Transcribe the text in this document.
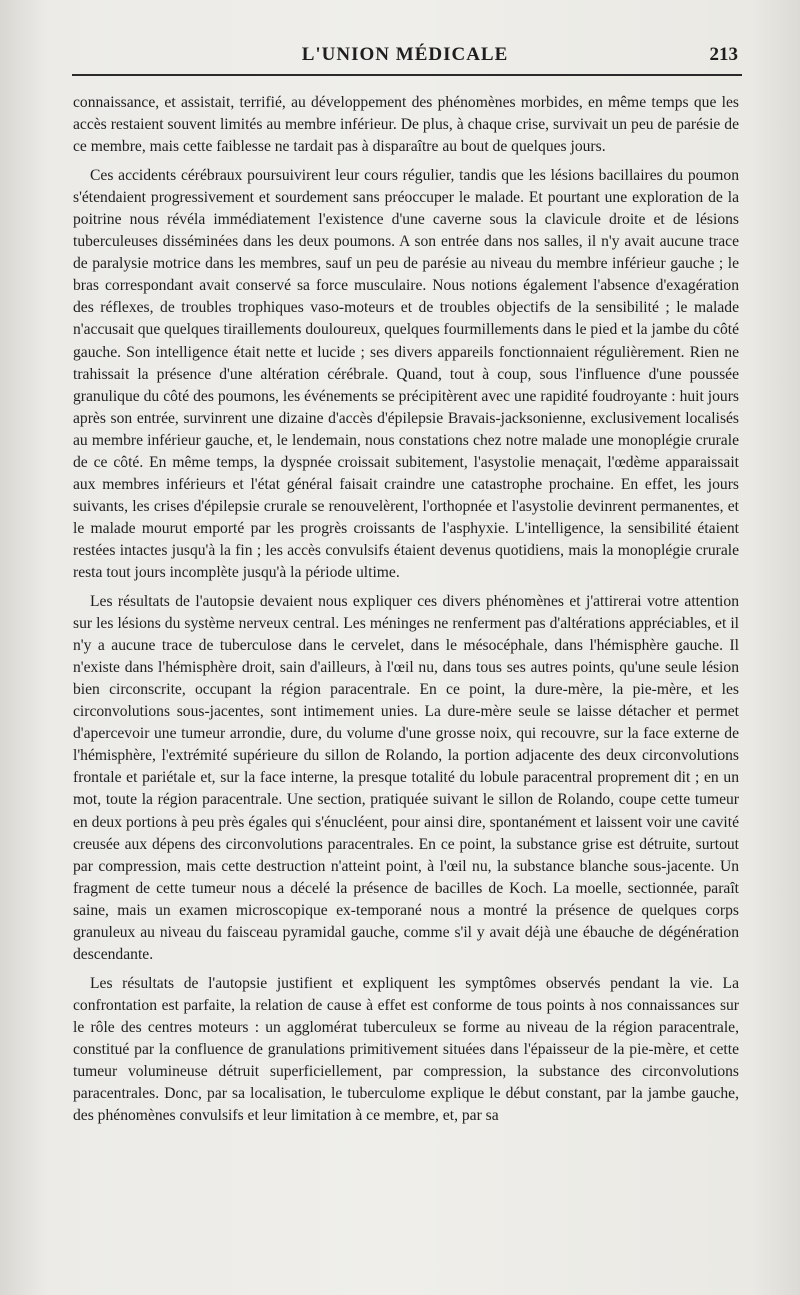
L'UNION MÉDICALE	213

connaissance, et assistait, terrifié, au développement des phénomènes morbides, en même temps que les accès restaient souvent limités au membre inférieur. De plus, à chaque crise, survivait un peu de parésie de ce membre, mais cette faiblesse ne tardait pas à disparaître au bout de quelques jours.

Ces accidents cérébraux poursuivirent leur cours régulier, tandis que les lésions bacillaires du poumon s'étendaient progressivement et sourdement sans préoccuper le malade. Et pourtant une exploration de la poitrine nous révéla immédiatement l'existence d'une caverne sous la clavicule droite et de lésions tuberculeuses disséminées dans les deux poumons. A son entrée dans nos salles, il n'y avait aucune trace de paralysie motrice dans les membres, sauf un peu de parésie au niveau du membre inférieur gauche ; le bras correspondant avait conservé sa force musculaire. Nous notions également l'absence d'exagération des réflexes, de troubles trophiques vaso-moteurs et de troubles objectifs de la sensibilité ; le malade n'accusait que quelques tiraillements douloureux, quelques fourmillements dans le pied et la jambe du côté gauche. Son intelligence était nette et lucide ; ses divers appareils fonctionnaient régulièrement. Rien ne trahissait la présence d'une altération cérébrale. Quand, tout à coup, sous l'influence d'une poussée granulique du côté des poumons, les événements se précipitèrent avec une rapidité foudroyante : huit jours après son entrée, survinrent une dizaine d'accès d'épilepsie Bravais-jacksonienne, exclusivement localisés au membre inférieur gauche, et, le lendemain, nous constations chez notre malade une monoplégie crurale de ce côté. En même temps, la dyspnée croissait subitement, l'asystolie menaçait, l'œdème apparaissait aux membres inférieurs et l'état général faisait craindre une catastrophe prochaine. En effet, les jours suivants, les crises d'épilepsie crurale se renouvelèrent, l'orthopnée et l'asystolie devinrent permanentes, et le malade mourut emporté par les progrès croissants de l'asphyxie. L'intelligence, la sensibilité étaient restées intactes jusqu'à la fin ; les accès convulsifs étaient devenus quotidiens, mais la monoplégie crurale resta tout jours incomplète jusqu'à la période ultime.

Les résultats de l'autopsie devaient nous expliquer ces divers phénomènes et j'attirerai votre attention sur les lésions du système nerveux central. Les méninges ne renferment pas d'altérations appréciables, et il n'y a aucune trace de tuberculose dans le cervelet, dans le mésocéphale, dans l'hémisphère gauche. Il n'existe dans l'hémisphère droit, sain d'ailleurs, à l'œil nu, dans tous ses autres points, qu'une seule lésion bien circonscrite, occupant la région paracentrale. En ce point, la dure-mère, la pie-mère, et les circonvolutions sous-jacentes, sont intimement unies. La dure-mère seule se laisse détacher et permet d'apercevoir une tumeur arrondie, dure, du volume d'une grosse noix, qui recouvre, sur la face externe de l'hémisphère, l'extrémité supérieure du sillon de Rolando, la portion adjacente des deux circonvolutions frontale et pariétale et, sur la face interne, la presque totalité du lobule paracentral proprement dit ; en un mot, toute la région paracentrale. Une section, pratiquée suivant le sillon de Rolando, coupe cette tumeur en deux portions à peu près égales qui s'énucléent, pour ainsi dire, spontanément et laissent voir une cavité creusée aux dépens des circonvolutions paracentrales. En ce point, la substance grise est détruite, surtout par compression, mais cette destruction n'atteint point, à l'œil nu, la substance blanche sous-jacente. Un fragment de cette tumeur nous a décelé la présence de bacilles de Koch. La moelle, sectionnée, paraît saine, mais un examen microscopique ex-temporané nous a montré la présence de quelques corps granuleux au niveau du faisceau pyramidal gauche, comme s'il y avait déjà une ébauche de dégénération descendante.

Les résultats de l'autopsie justifient et expliquent les symptômes observés pendant la vie. La confrontation est parfaite, la relation de cause à effet est conforme de tous points à nos connaissances sur le rôle des centres moteurs : un agglomérat tuberculeux se forme au niveau de la région paracentrale, constitué par la confluence de granulations primitivement situées dans l'épaisseur de la pie-mère, et cette tumeur volumineuse détruit superficiellement, par compression, la substance des circonvolutions paracentrales. Donc, par sa localisation, le tuberculome explique le début constant, par la jambe gauche, des phénomènes convulsifs et leur limitation à ce membre, et, par sa
